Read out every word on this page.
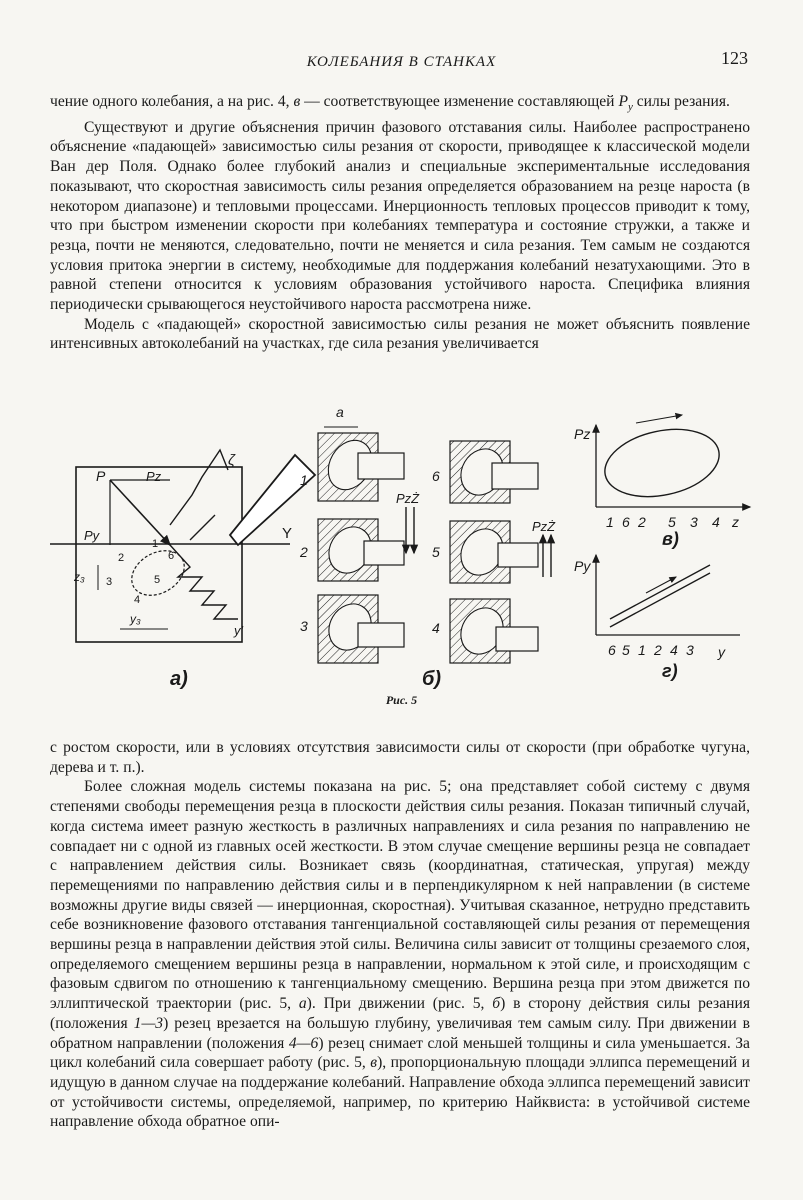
КОЛЕБАНИЯ В СТАНКАХ	123

чение одного колебания, а на рис. 4, в — соответствующее изменение составляющей $P_y$ силы резания.

Существуют и другие объяснения причин фазового отставания силы. Наиболее распространено объяснение «падающей» зависимостью силы резания от скорости, приводящее к классической модели Ван дер Поля. Однако более глубокий анализ и специальные экспериментальные исследования показывают, что скоростная зависимость силы резания определяется образованием на резце нароста (в некотором диапазоне) и тепловыми процессами. Инерционность тепловых процессов приводит к тому, что при быстром изменении скорости при колебаниях температура и состояние стружки, а также и резца, почти не меняются, следовательно, почти не меняется и сила резания. Тем самым не создаются условия притока энергии в систему, необходимые для поддержания колебаний незатухающими. Это в равной степени относится к условиям образования устойчивого нароста. Специфика влияния периодически срывающегося неустойчивого нароста рассмотрена ниже.

Модель с «падающей» скоростной зависимостью силы резания не может объяснить появление интенсивных автоколебаний на участках, где сила резания увеличивается

P	Pz
Py	Y
ζ
y'
z₃
y₃
1
2
3
4
5
6
а)
a
PzŻ
PzŻ
1
2
3	4
5
6
б)
Pz
z
1 6 2 5 3 4
в)
Py
y
6 5 1 2 4 3
г)
Рис. 5

с ростом скорости, или в условиях отсутствия зависимости силы от скорости (при обработке чугуна, дерева и т. п.).

Более сложная модель системы показана на рис. 5; она представляет собой систему с двумя степенями свободы перемещения резца в плоскости действия силы резания. Показан типичный случай, когда система имеет разную жесткость в различных направлениях и сила резания по направлению не совпадает ни с одной из главных осей жесткости. В этом случае смещение вершины резца не совпадает с направлением действия силы. Возникает связь (координатная, статическая, упругая) между перемещениями по направлению действия силы и в перпендикулярном к ней направлении (в системе возможны другие виды связей — инерционная, скоростная). Учитывая сказанное, нетрудно представить себе возникновение фазового отставания тангенциальной составляющей силы резания от перемещения вершины резца в направлении действия этой силы. Величина силы зависит от толщины срезаемого слоя, определяемого смещением вершины резца в направлении, нормальном к этой силе, и происходящим с фазовым сдвигом по отношению к тангенциальному смещению. Вершина резца при этом движется по эллиптической траектории (рис. 5, а). При движении (рис. 5, б) в сторону действия силы резания (положения 1—3) резец врезается на большую глубину, увеличивая тем самым силу. При движении в обратном направлении (положения 4—6) резец снимает слой меньшей толщины и сила уменьшается. За цикл колебаний сила совершает работу (рис. 5, в), пропорциональную площади эллипса перемещений и идущую в данном случае на поддержание колебаний. Направление обхода эллипса перемещений зависит от устойчивости системы, определяемой, например, по критерию Найквиста: в устойчивой системе направление обхода обратное опи-
